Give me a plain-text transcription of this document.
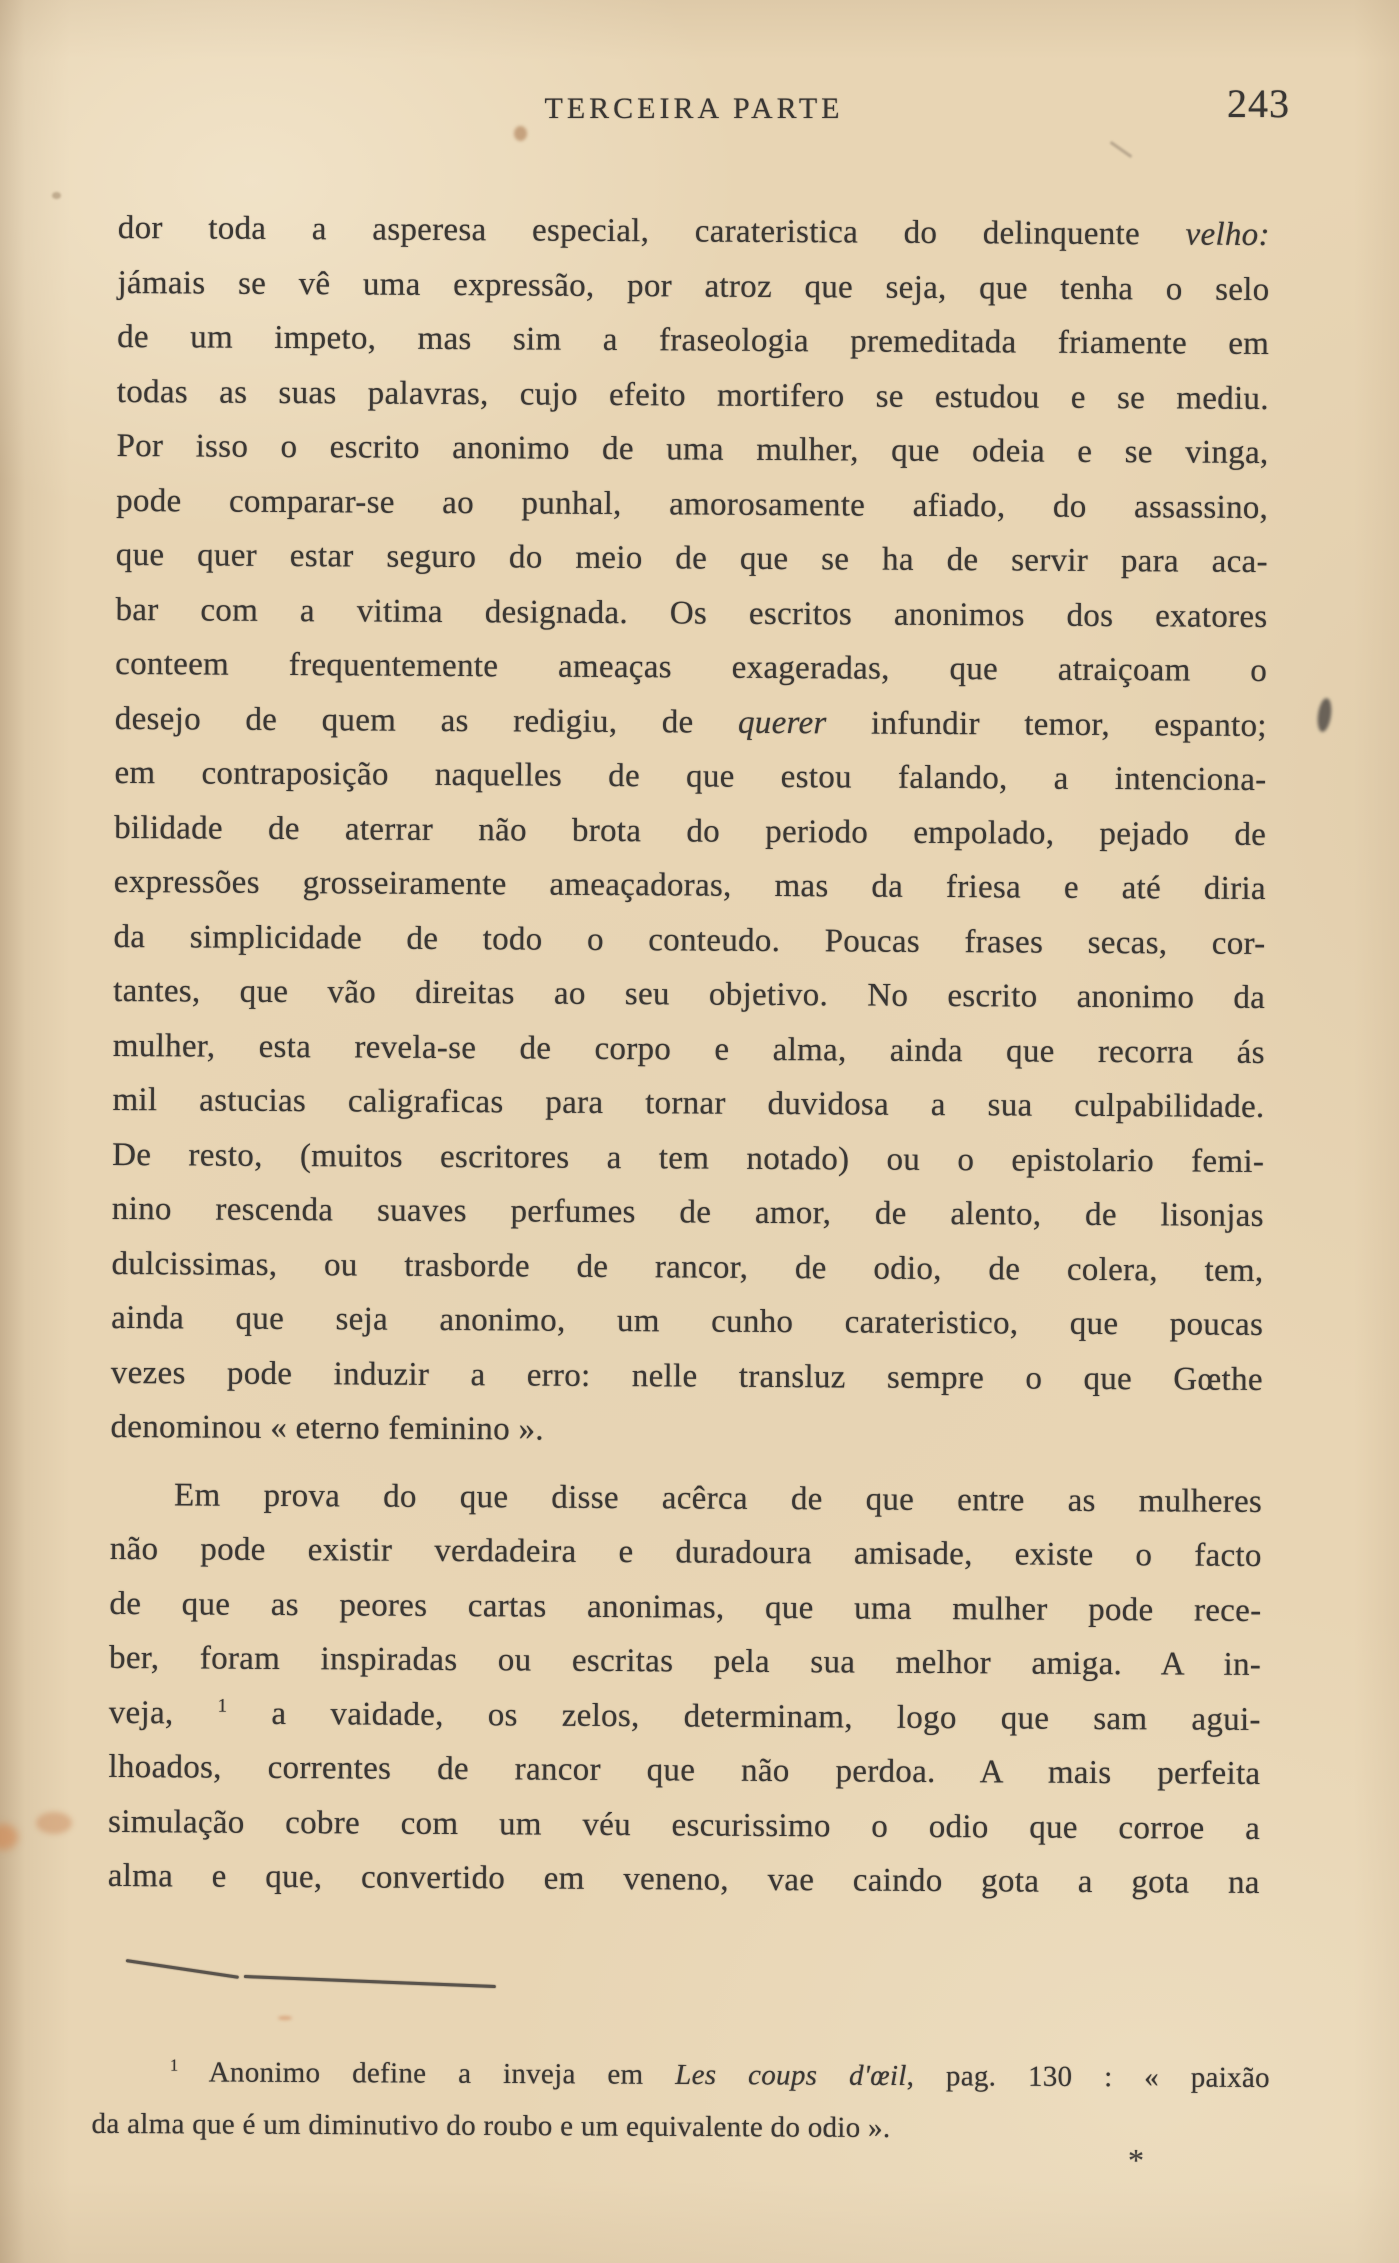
TERCEIRA PARTE	243
dor toda a asperesa especial, carateristica do delinquente velho:
jámais se vê uma expressão, por atroz que seja, que tenha o selo
de um impeto, mas sim a fraseologia premeditada friamente em
todas as suas palavras, cujo efeito mortifero se estudou e se mediu.
Por isso o escrito anonimo de uma mulher, que odeia e se vinga,
pode comparar-se ao punhal, amorosamente afiado, do assassino,
que quer estar seguro do meio de que se ha de servir para aca-
bar com a vitima designada. Os escritos anonimos dos exatores
conteem frequentemente ameaças exageradas, que atraiçoam o
desejo de quem as redigiu, de querer infundir temor, espanto;
em contraposição naquelles de que estou falando, a intenciona-
bilidade de aterrar não brota do periodo empolado, pejado de
expressões grosseiramente ameaçadoras, mas da friesa e até diria
da simplicidade de todo o conteudo. Poucas frases secas, cor-
tantes, que vão direitas ao seu objetivo. No escrito anonimo da
mulher, esta revela-se de corpo e alma, ainda que recorra ás
mil astucias caligraficas para tornar duvidosa a sua culpabilidade.
De resto, (muitos escritores a tem notado) ou o epistolario femi-
nino rescenda suaves perfumes de amor, de alento, de lisonjas
dulcissimas, ou trasborde de rancor, de odio, de colera, tem,
ainda que seja anonimo, um cunho carateristico, que poucas
vezes pode induzir a erro: nelle transluz sempre o que Gœthe
denominou « eterno feminino ».
Em prova do que disse acêrca de que entre as mulheres
não pode existir verdadeira e duradoura amisade, existe o facto
de que as peores cartas anonimas, que uma mulher pode rece-
ber, foram inspiradas ou escritas pela sua melhor amiga. A in-
veja, $^1$ a vaidade, os zelos, determinam, logo que sam agui-
lhoados, correntes de rancor que não perdoa. A mais perfeita
simulação cobre com um véu escurissimo o odio que corroe a
alma e que, convertido em veneno, vae caindo gota a gota na
$^1$ Anonimo define a inveja em Les coups d'œil, pag. 130 : « paixão
da alma que é um diminutivo do roubo e um equivalente do odio ».
*
